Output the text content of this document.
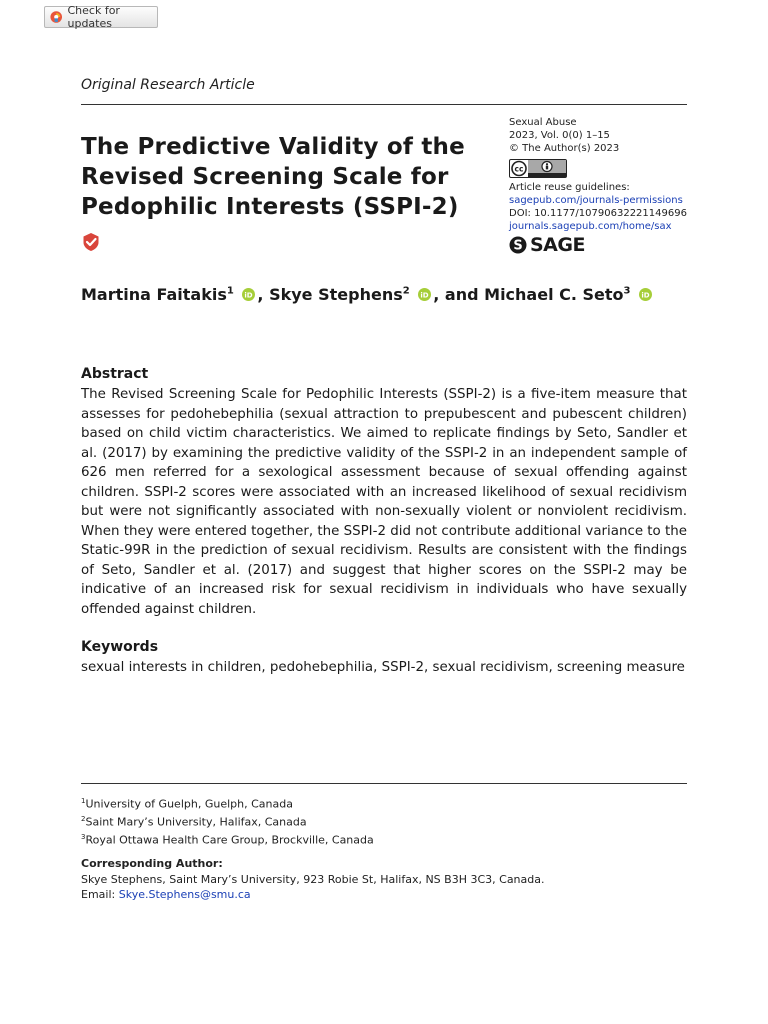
Check for updates
Original Research Article
The Predictive Validity of the
Revised Screening Scale for
Pedophilic Interests (SSPI-2)
Sexual Abuse
2023, Vol. 0(0) 1–15
© The Author(s) 2023
cc
Article reuse guidelines:
sagepub.com/journals-permissions
DOI: 10.1177/10790632221149696
journals.sagepub.com/home/sax
S SAGE
Martina Faitakis$^1$ iD , Skye Stephens$^2$ iD , and Michael C. Seto$^3$ iD
Abstract

The Revised Screening Scale for Pedophilic Interests (SSPI-2) is a five-item measure that assesses for pedohebephilia (sexual attraction to prepubescent and pubescent children) based on child victim characteristics. We aimed to replicate findings by Seto, Sandler et al. (2017) by examining the predictive validity of the SSPI-2 in an independent sample of 626 men referred for a sexological assessment because of sexual offending against children. SSPI-2 scores were associated with an increased likelihood of sexual recidivism but were not significantly associated with non-sexually violent or nonviolent recidivism. When they were entered together, the SSPI-2 did not contribute additional variance to the Static-99R in the prediction of sexual recidivism. Results are consistent with the findings of Seto, Sandler et al. (2017) and suggest that higher scores on the SSPI-2 may be indicative of an increased risk for sexual recidivism in individuals who have sexually offended against children.

Keywords

sexual interests in children, pedohebephilia, SSPI-2, sexual recidivism, screening measure

$^1$University of Guelph, Guelph, Canada
$^2$Saint Mary’s University, Halifax, Canada
$^3$Royal Ottawa Health Care Group, Brockville, Canada
Corresponding Author:
Skye Stephens, Saint Mary’s University, 923 Robie St, Halifax, NS B3H 3C3, Canada.
Email: Skye.Stephens@smu.ca
